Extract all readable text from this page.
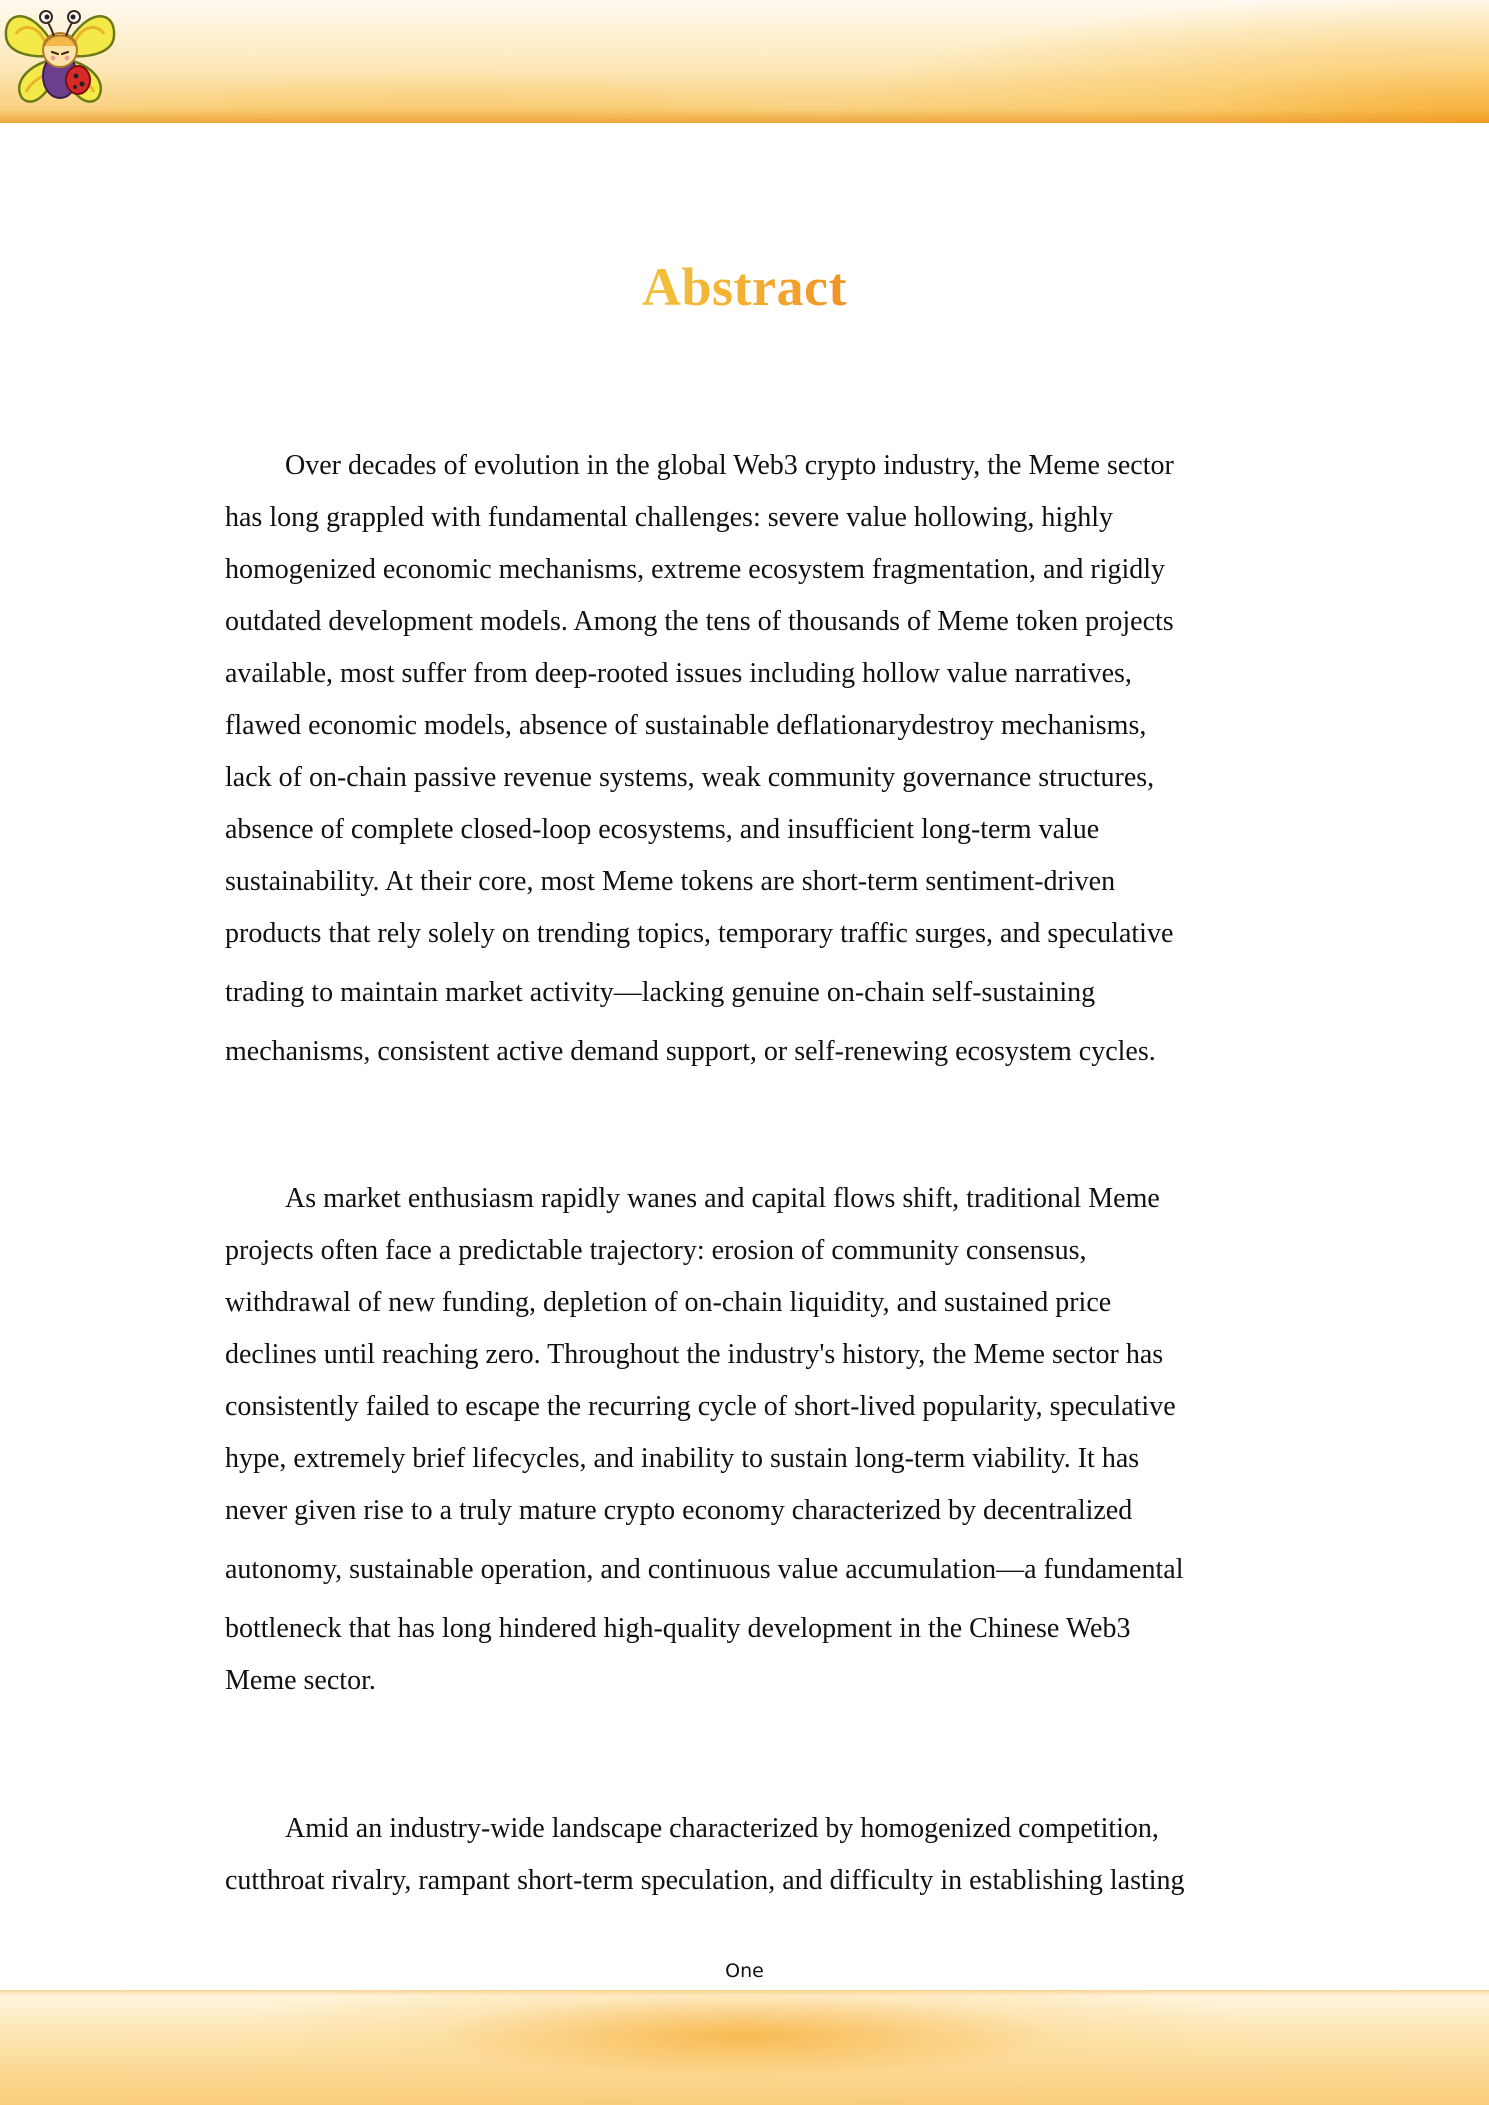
Abstract
Over decades of evolution in the global Web3 crypto industry, the Meme sector
has long grappled with fundamental challenges: severe value hollowing, highly
homogenized economic mechanisms, extreme ecosystem fragmentation, and rigidly
outdated development models. Among the tens of thousands of Meme token projects
available, most suffer from deep-rooted issues including hollow value narratives,
flawed economic models, absence of sustainable deflationarydestroy mechanisms,
lack of on-chain passive revenue systems, weak community governance structures,
absence of complete closed-loop ecosystems, and insufficient long-term value
sustainability. At their core, most Meme tokens are short-term sentiment-driven
products that rely solely on trending topics, temporary traffic surges, and speculative
trading to maintain market activity—lacking genuine on-chain self-sustaining
mechanisms, consistent active demand support, or self-renewing ecosystem cycles.
As market enthusiasm rapidly wanes and capital flows shift, traditional Meme
projects often face a predictable trajectory: erosion of community consensus,
withdrawal of new funding, depletion of on-chain liquidity, and sustained price
declines until reaching zero. Throughout the industry's history, the Meme sector has
consistently failed to escape the recurring cycle of short-lived popularity, speculative
hype, extremely brief lifecycles, and inability to sustain long-term viability. It has
never given rise to a truly mature crypto economy characterized by decentralized
autonomy, sustainable operation, and continuous value accumulation—a fundamental
bottleneck that has long hindered high-quality development in the Chinese Web3
Meme sector.
Amid an industry-wide landscape characterized by homogenized competition,
cutthroat rivalry, rampant short-term speculation, and difficulty in establishing lasting
One
